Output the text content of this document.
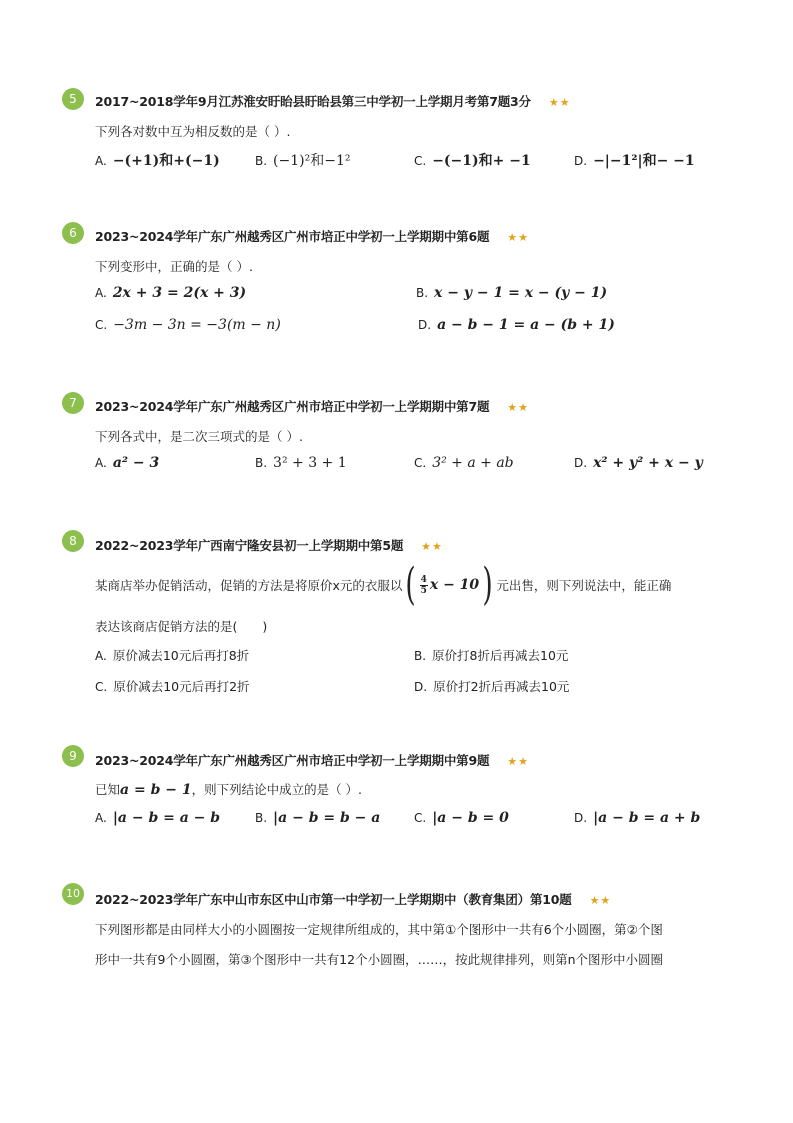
5	2017~2018学年9月江苏淮安盱眙县盱眙县第三中学初一上学期月考第7题3分 ★★
下列各对数中互为相反数的是（ ）.
A. −(+1)和+(−1)	B. (−1)²和−1²	C. −(−1)和+ −1	D. −|−1²|和− −1
6	2023~2024学年广东广州越秀区广州市培正中学初一上学期期中第6题 ★★
下列变形中，正确的是（ ）.
A. 2x + 3 = 2(x + 3)	B. x − y − 1 = x − (y − 1)
C. −3m − 3n = −3(m − n)	D. a − b − 1 = a − (b + 1)
7	2023~2024学年广东广州越秀区广州市培正中学初一上学期期中第7题 ★★
下列各式中，是二次三项式的是（ ）.
A. a² − 3	B. 3² + 3 + 1	C. 3² + a + ab	D. x² + y² + x − y
8	2022~2023学年广西南宁隆安县初一上学期期中第5题 ★★
某商店举办促销活动，促销的方法是将原价x元的衣服以 ( $\frac{4}{5}$ x − 10 ) 元出售，则下列说法中，能正确
表达该商店促销方法的是(　　)
A. 原价减去10元后再打8折	B. 原价打8折后再减去10元
C. 原价减去10元后再打2折	D. 原价打2折后再减去10元
9	2023~2024学年广东广州越秀区广州市培正中学初一上学期期中第9题 ★★
已知a = b − 1，则下列结论中成立的是（ ）.
A. |a − b = a − b	B. |a − b = b − a	C. |a − b = 0	D. |a − b = a + b
10	2022~2023学年广东中山市东区中山市第一中学初一上学期期中（教育集团）第10题 ★★
下列图形都是由同样大小的小圆圈按一定规律所组成的，其中第①个图形中一共有6个小圆圈，第②个图
形中一共有9个小圆圈，第③个图形中一共有12个小圆圈，……，按此规律排列，则第n个图形中小圆圈
